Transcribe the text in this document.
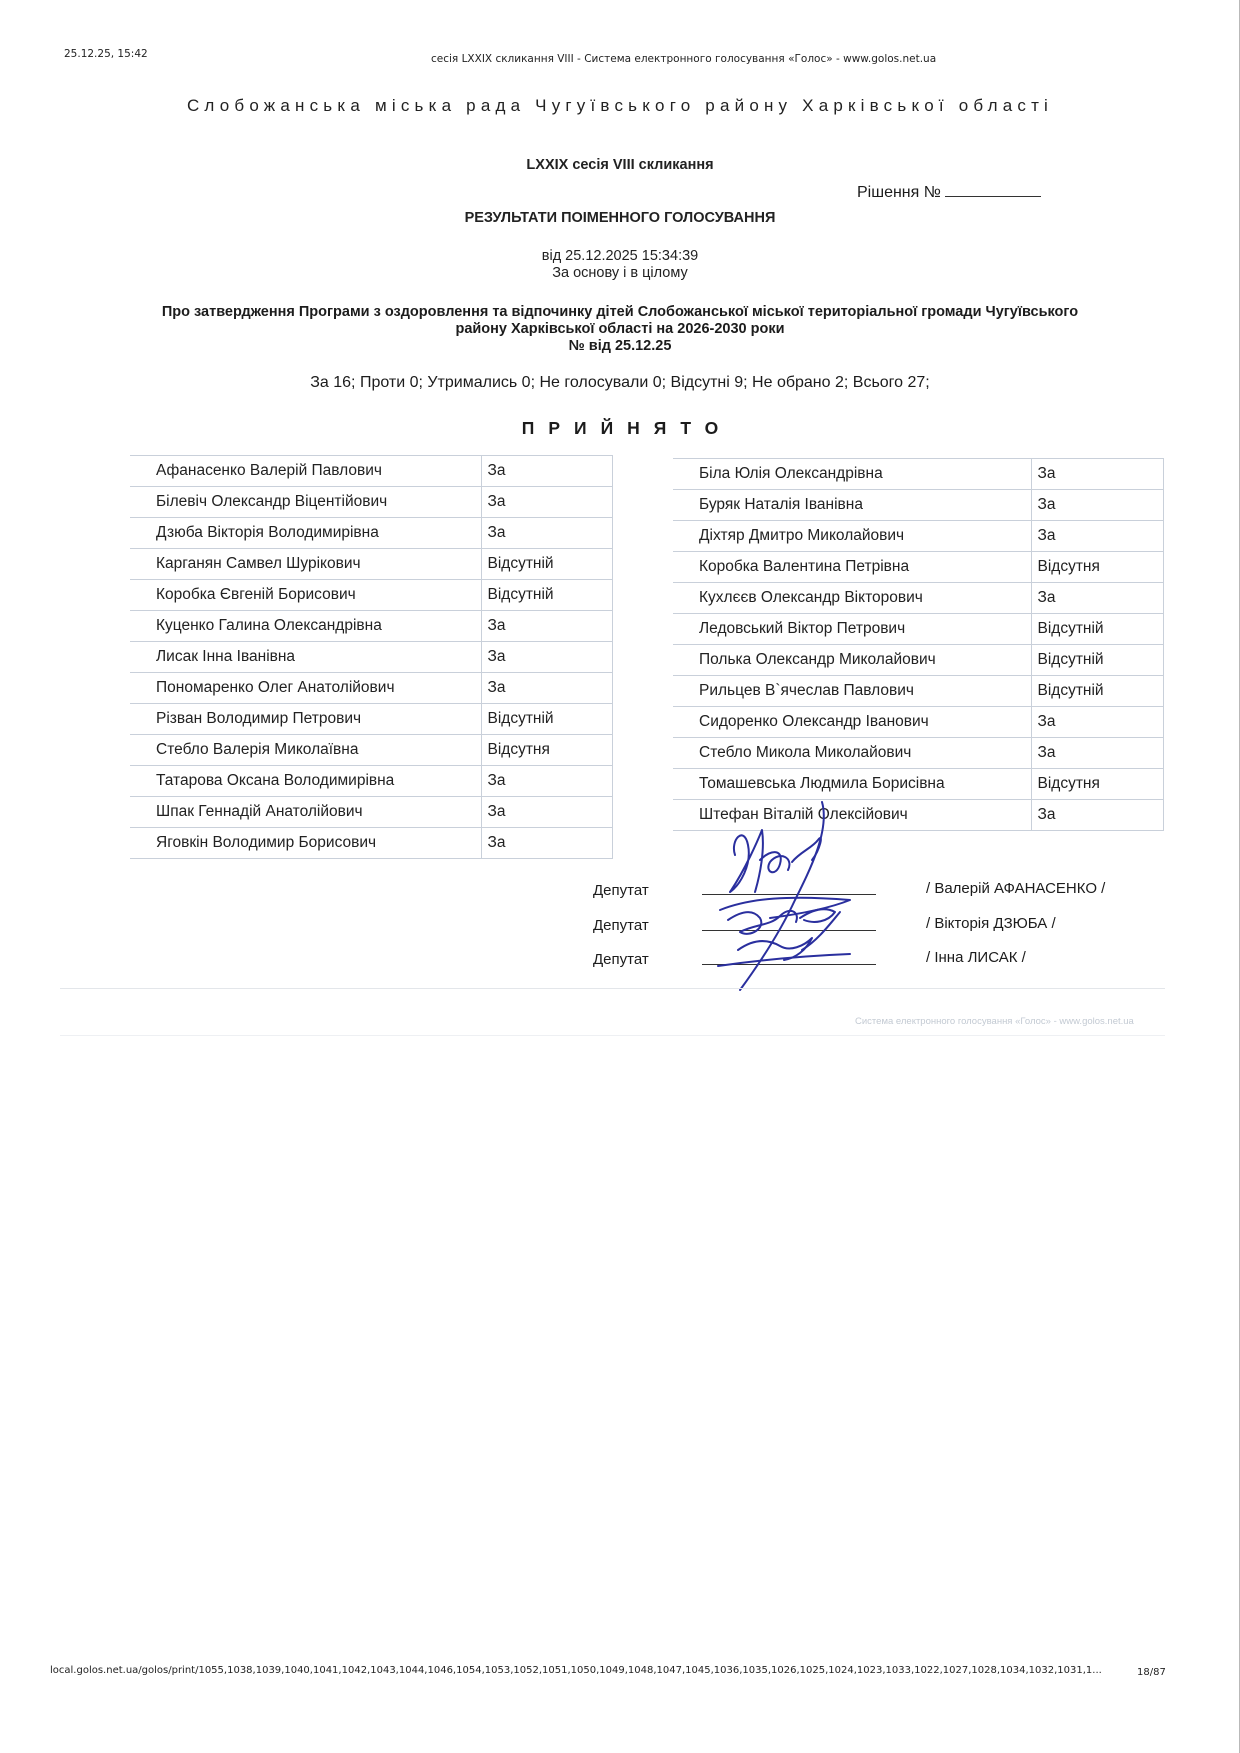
25.12.25, 15:42	сесія LXXIX скликання VIII - Система електронного голосування «Голос» - www.golos.net.ua
Слобожанська міська рада Чугуївського району Харківської області
LXXIX сесія VIII скликання
Рішення №
РЕЗУЛЬТАТИ ПОІМЕННОГО ГОЛОСУВАННЯ
від 25.12.2025 15:34:39
За основу і в цілому
Про затвердження Програми з оздоровлення та відпочинку дітей Слобожанської міської територіальної громади Чугуївського
району Харківської області на 2026-2030 роки
№ від 25.12.25
За 16; Проти 0; Утримались 0; Не голосували 0; Відсутні 9; Не обрано 2; Всього 27;
ПРИЙНЯТО
Афанасенко Валерій Павлович	За
Білевіч Олександр Віцентійович	За
Дзюба Вікторія Володимирівна	За
Карганян Самвел Шурікович	Відсутній
Коробка Євгеній Борисович	Відсутній
Куценко Галина Олександрівна	За
Лисак Інна Іванівна	За
Пономаренко Олег Анатолійович	За
Різван Володимир Петрович	Відсутній
Стебло Валерія Миколаївна	Відсутня
Татарова Оксана Володимирівна	За
Шпак Геннадій Анатолійович	За
Яговкін Володимир Борисович	За
Біла Юлія Олександрівна	За
Буряк Наталія Іванівна	За
Діхтяр Дмитро Миколайович	За
Коробка Валентина Петрівна	Відсутня
Кухлєєв Олександр Вікторович	За
Ледовський Віктор Петрович	Відсутній
Полька Олександр Миколайович	Відсутній
Рильцев В`ячеслав Павлович	Відсутній
Сидоренко Олександр Іванович	За
Стебло Микола Миколайович	За
Томашевська Людмила Борисівна	Відсутня
Штефан Віталій Олексійович	За
Депутат	/ Валерій АФАНАСЕНКО /
Депутат	/ Вікторія ДЗЮБА /
Депутат	/ Інна ЛИСАК /
Система електронного голосування «Голос» - www.golos.net.ua
local.golos.net.ua/golos/print/1055,1038,1039,1040,1041,1042,1043,1044,1046,1054,1053,1052,1051,1050,1049,1048,1047,1045,1036,1035,1026,1025,1024,1023,1033,1022,1027,1028,1034,1032,1031,1...	18/87
